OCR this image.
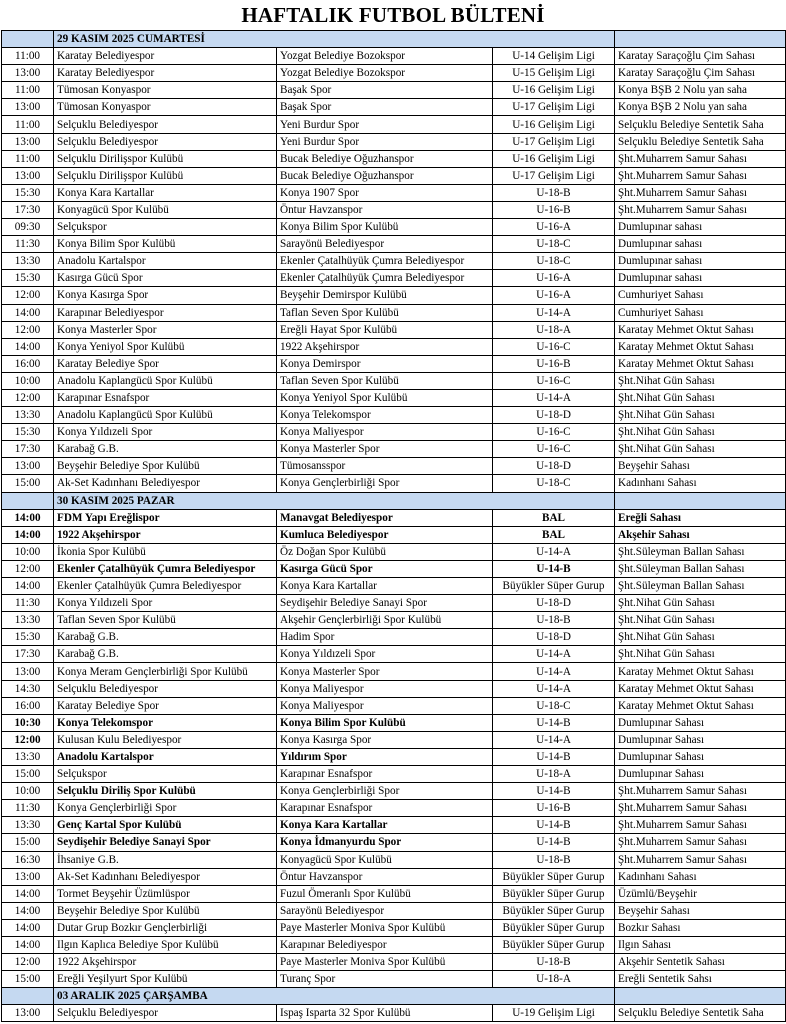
HAFTALIK FUTBOL BÜLTENİ
	29 KASIM 2025 CUMARTESİ			
11:00	Karatay Belediyespor	Yozgat Belediye Bozokspor	U-14 Gelişim Ligi	Karatay Saraçoğlu Çim Sahası
13:00	Karatay Belediyespor	Yozgat Belediye Bozokspor	U-15 Gelişim Ligi	Karatay Saraçoğlu Çim Sahası
11:00	Tümosan Konyaspor	Başak Spor	U-16 Gelişim Ligi	Konya BŞB 2 Nolu yan saha
13:00	Tümosan Konyaspor	Başak Spor	U-17 Gelişim Ligi	Konya BŞB 2 Nolu yan saha
11:00	Selçuklu Belediyespor	Yeni Burdur Spor	U-16 Gelişim Ligi	Selçuklu Belediye Sentetik Saha
13:00	Selçuklu Belediyespor	Yeni Burdur Spor	U-17 Gelişim Ligi	Selçuklu Belediye Sentetik Saha
11:00	Selçuklu Dirilişspor Kulübü	Bucak Belediye Oğuzhanspor	U-16 Gelişim Ligi	Şht.Muharrem Samur Sahası
13:00	Selçuklu Dirilişspor Kulübü	Bucak Belediye Oğuzhanspor	U-17 Gelişim Ligi	Şht.Muharrem Samur Sahası
15:30	Konya Kara Kartallar	Konya 1907 Spor	U-18-B	Şht.Muharrem Samur Sahası
17:30	Konyagücü Spor Kulübü	Öntur Havzanspor	U-16-B	Şht.Muharrem Samur Sahası
09:30	Selçukspor	Konya Bilim Spor Kulübü	U-16-A	Dumlupınar sahası
11:30	Konya Bilim Spor Kulübü	Sarayönü Belediyespor	U-18-C	Dumlupınar sahası
13:30	Anadolu Kartalspor	Ekenler Çatalhüyük Çumra Belediyespor	U-18-C	Dumlupınar sahası
15:30	Kasırga Gücü Spor	Ekenler Çatalhüyük Çumra Belediyespor	U-16-A	Dumlupınar sahası
12:00	Konya Kasırga Spor	Beyşehir Demirspor Kulübü	U-16-A	Cumhuriyet Sahası
14:00	Karapınar Belediyespor	Taflan Seven Spor Kulübü	U-14-A	Cumhuriyet Sahası
12:00	Konya Masterler Spor	Ereğli Hayat Spor Kulübü	U-18-A	Karatay Mehmet Oktut Sahası
14:00	Konya Yeniyol Spor Kulübü	1922 Akşehirspor	U-16-C	Karatay Mehmet Oktut Sahası
16:00	Karatay Belediye Spor	Konya Demirspor	U-16-B	Karatay Mehmet Oktut Sahası
10:00	Anadolu Kaplangücü Spor Kulübü	Taflan Seven Spor Kulübü	U-16-C	Şht.Nihat Gün Sahası
12:00	Karapınar Esnafspor	Konya Yeniyol Spor Kulübü	U-14-A	Şht.Nihat Gün Sahası
13:30	Anadolu Kaplangücü Spor Kulübü	Konya Telekomspor	U-18-D	Şht.Nihat Gün Sahası
15:30	Konya Yıldızeli Spor	Konya Maliyespor	U-16-C	Şht.Nihat Gün Sahası
17:30	Karabağ G.B.	Konya Masterler Spor	U-16-C	Şht.Nihat Gün Sahası
13:00	Beyşehir Belediye Spor Kulübü	Tümosansspor	U-18-D	Beyşehir Sahası
15:00	Ak-Set Kadınhanı Belediyespor	Konya Gençlerbirliği Spor	U-18-C	Kadınhanı Sahası
	30 KASIM 2025 PAZAR			
14:00	FDM Yapı Ereğlispor	Manavgat Belediyespor	BAL	Ereğli Sahası
14:00	1922 Akşehirspor	Kumluca Belediyespor	BAL	Akşehir Sahası
10:00	İkonia Spor Kulübü	Öz Doğan Spor Kulübü	U-14-A	Şht.Süleyman Ballan Sahası
12:00	Ekenler Çatalhüyük Çumra Belediyespor	Kasırga Gücü Spor	U-14-B	Şht.Süleyman Ballan Sahası
14:00	Ekenler Çatalhüyük Çumra Belediyespor	Konya Kara Kartallar	Büyükler Süper Gurup	Şht.Süleyman Ballan Sahası
11:30	Konya Yıldızeli Spor	Seydişehir Belediye Sanayi Spor	U-18-D	Şht.Nihat Gün Sahası
13:30	Taflan Seven Spor Kulübü	Akşehir Gençlerbirliği Spor Kulübü	U-18-B	Şht.Nihat Gün Sahası
15:30	Karabağ G.B.	Hadim Spor	U-18-D	Şht.Nihat Gün Sahası
17:30	Karabağ G.B.	Konya Yıldızeli Spor	U-14-A	Şht.Nihat Gün Sahası
13:00	Konya Meram Gençlerbirliği Spor Kulübü	Konya Masterler Spor	U-14-A	Karatay Mehmet Oktut Sahası
14:30	Selçuklu Belediyespor	Konya Maliyespor	U-14-A	Karatay Mehmet Oktut Sahası
16:00	Karatay Belediye Spor	Konya Maliyespor	U-18-C	Karatay Mehmet Oktut Sahası
10:30	Konya Telekomspor	Konya Bilim Spor Kulübü	U-14-B	Dumlupınar Sahası
12:00	Kulusan Kulu Belediyespor	Konya Kasırga Spor	U-14-A	Dumlupınar Sahası
13:30	Anadolu Kartalspor	Yıldırım Spor	U-14-B	Dumlupınar Sahası
15:00	Selçukspor	Karapınar Esnafspor	U-18-A	Dumlupınar Sahası
10:00	Selçuklu Diriliş Spor Kulübü	Konya Gençlerbirliği Spor	U-14-B	Şht.Muharrem Samur Sahası
11:30	Konya Gençlerbirliği Spor	Karapınar Esnafspor	U-16-B	Şht.Muharrem Samur Sahası
13:30	Genç Kartal Spor Kulübü	Konya Kara Kartallar	U-14-B	Şht.Muharrem Samur Sahası
15:00	Seydişehir Belediye Sanayi Spor	Konya İdmanyurdu Spor	U-14-B	Şht.Muharrem Samur Sahası
16:30	İhsaniye G.B.	Konyagücü Spor Kulübü	U-18-B	Şht.Muharrem Samur Sahası
13:00	Ak-Set Kadınhanı Belediyespor	Öntur Havzanspor	Büyükler Süper Gurup	Kadınhanı Sahası
14:00	Tormet Beyşehir Üzümlüspor	Fuzul Ömeranlı Spor Kulübü	Büyükler Süper Gurup	Üzümlü/Beyşehir
14:00	Beyşehir Belediye Spor Kulübü	Sarayönü Belediyespor	Büyükler Süper Gurup	Beyşehir Sahası
14:00	Dutar Grup Bozkır Gençlerbirliği	Paye Masterler Moniva Spor Kulübü	Büyükler Süper Gurup	Bozkır Sahası
14:00	Ilgın Kaplıca Belediye Spor Kulübü	Karapınar Belediyespor	Büyükler Süper Gurup	Ilgın Sahası
12:00	1922 Akşehirspor	Paye Masterler Moniva Spor Kulübü	U-18-B	Akşehir Sentetik Sahası
15:00	Ereğli Yeşilyurt Spor Kulübü	Turanç Spor	U-18-A	Ereğli Sentetik Sahsı
	03 ARALIK 2025 ÇARŞAMBA			
13:00	Selçuklu Belediyespor	Ispaş Isparta 32 Spor Kulübü	U-19 Gelişim Ligi	Selçuklu Belediye Sentetik Saha
